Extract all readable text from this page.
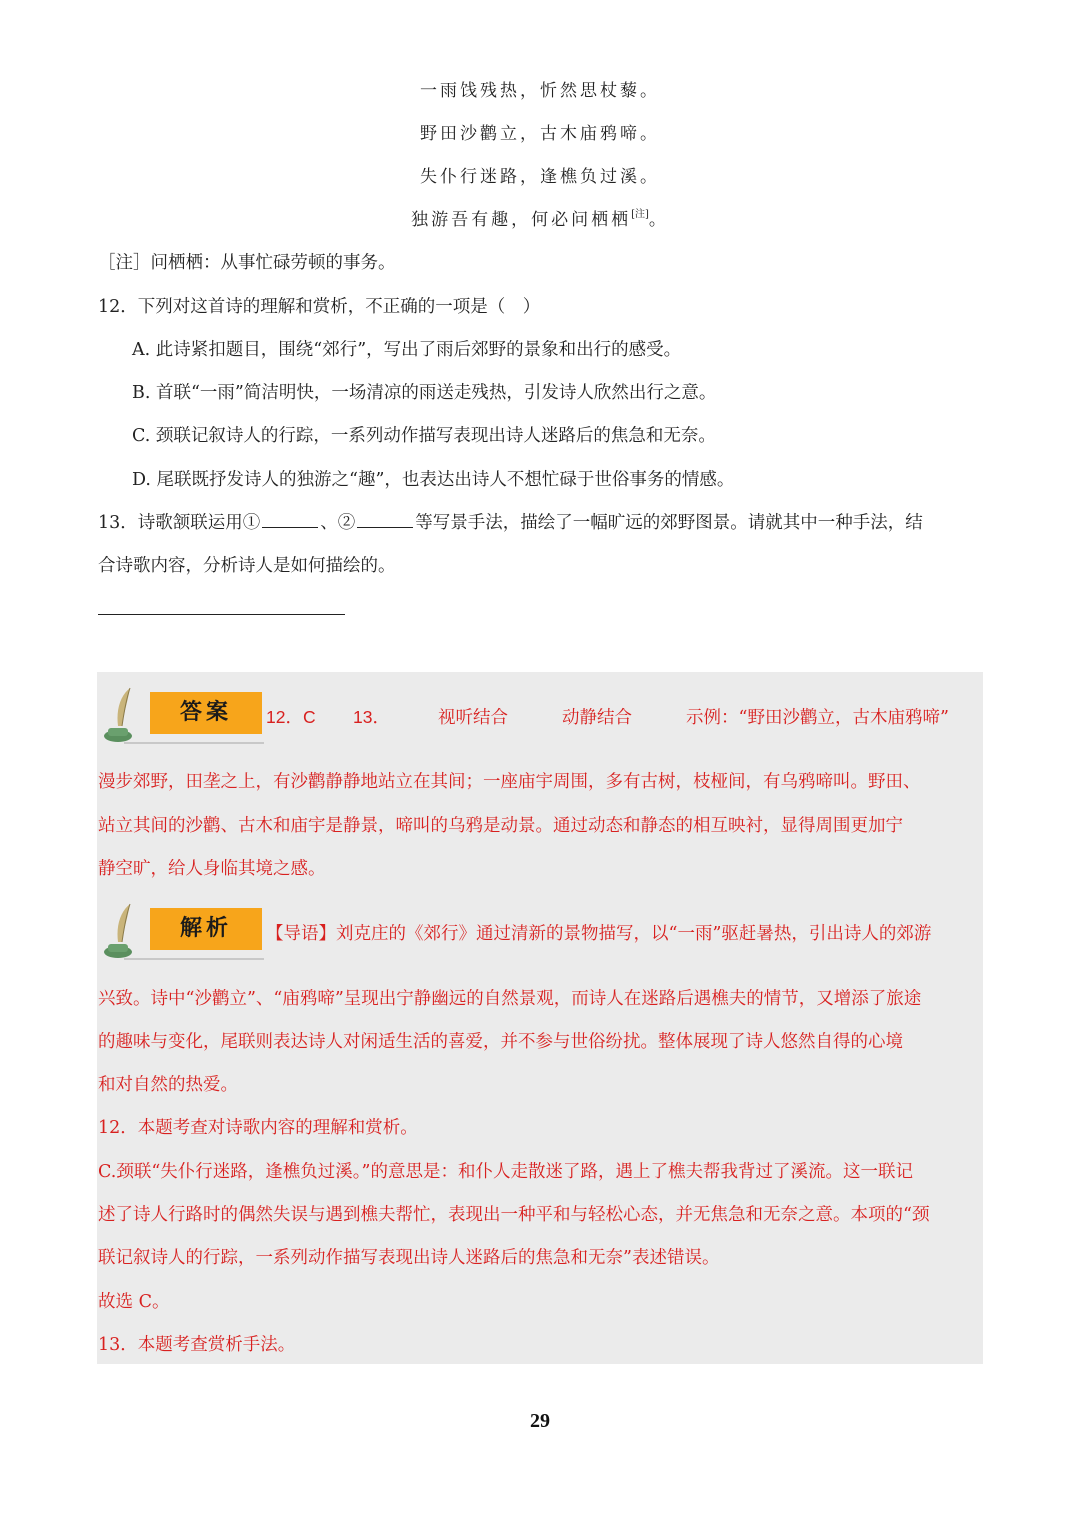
一雨饯残热，忻然思杖藜。
野田沙鹳立，古木庙鸦啼。
失仆行迷路，逢樵负过溪。
独游吾有趣，何必问栖栖[注]。
［注］问栖栖：从事忙碌劳顿的事务。
12．下列对这首诗的理解和赏析，不正确的一项是（　）
A. 此诗紧扣题目，围绕“郊行”，写出了雨后郊野的景象和出行的感受。
B. 首联“一雨”简洁明快，一场清凉的雨送走残热，引发诗人欣然出行之意。
C. 颈联记叙诗人的行踪，一系列动作描写表现出诗人迷路后的焦急和无奈。
D. 尾联既抒发诗人的独游之“趣”，也表达出诗人不想忙碌于世俗事务的情感。
13．诗歌颔联运用①	、②	等写景手法，描绘了一幅旷远的郊野图景。请就其中一种手法，结
合诗歌内容，分析诗人是如何描绘的。
答案	12．C 13．	视听结合	动静结合	示例：“野田沙鹳立，古木庙鸦啼”
漫步郊野，田垄之上，有沙鹳静静地站立在其间；一座庙宇周围，多有古树，枝桠间，有乌鸦啼叫。野田、
站立其间的沙鹳、古木和庙宇是静景，啼叫的乌鸦是动景。通过动态和静态的相互映衬，显得周围更加宁
静空旷，给人身临其境之感。
解析	【导语】刘克庄的《郊行》通过清新的景物描写，以“一雨”驱赶暑热，引出诗人的郊游
兴致。诗中“沙鹳立”、“庙鸦啼”呈现出宁静幽远的自然景观，而诗人在迷路后遇樵夫的情节，又增添了旅途
的趣味与变化，尾联则表达诗人对闲适生活的喜爱，并不参与世俗纷扰。整体展现了诗人悠然自得的心境
和对自然的热爱。
12．本题考查对诗歌内容的理解和赏析。
C.颈联“失仆行迷路，逢樵负过溪。”的意思是：和仆人走散迷了路，遇上了樵夫帮我背过了溪流。这一联记
述了诗人行路时的偶然失误与遇到樵夫帮忙，表现出一种平和与轻松心态，并无焦急和无奈之意。本项的“颈
联记叙诗人的行踪，一系列动作描写表现出诗人迷路后的焦急和无奈”表述错误。
故选 C。
13．本题考查赏析手法。
29
